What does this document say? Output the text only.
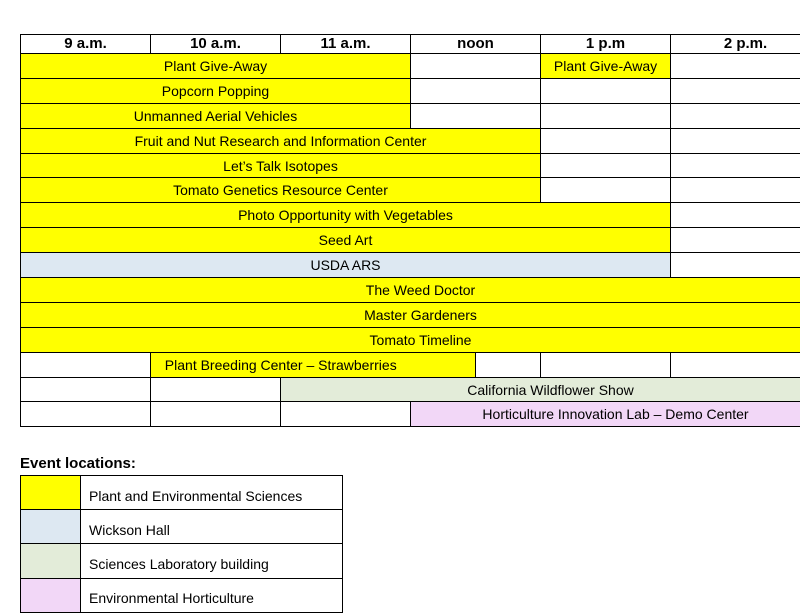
9 a.m.	10 a.m.	11 a.m.	noon		1 p.m	2 p.m.
Plant Give-Away					Plant Give-Away	
Popcorn Popping						
Unmanned Aerial Vehicles						
Fruit and Nut Research and Information Center						
Let’s Talk Isotopes						
Tomato Genetics Resource Center						
Photo Opportunity with Vegetables						
Seed Art						
USDA ARS						
The Weed Doctor						
Master Gardeners						
Tomato Timeline						
	Plant Breeding Center – Strawberries					
		California Wildflower Show				
			Horticulture Innovation Lab – Demo Center			
Event locations:
	Plant and Environmental Sciences
	Wickson Hall
	Sciences Laboratory building
	Environmental Horticulture
